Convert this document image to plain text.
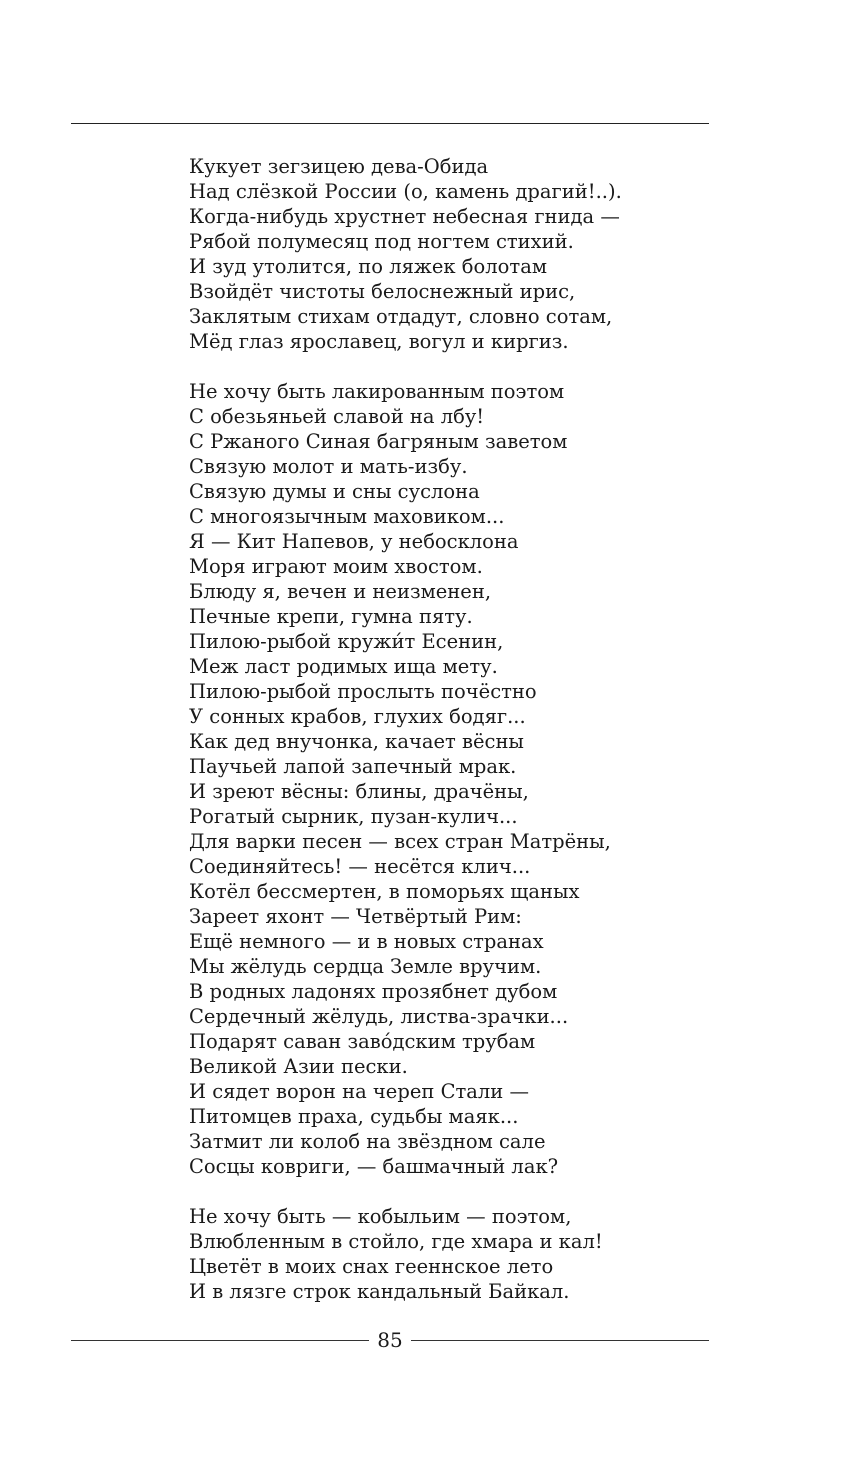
Кукует зегзицею дева-Обида
Над слёзкой России (о, камень драгий!..).
Когда-нибудь хрустнет небесная гнида —
Рябой полумесяц под ногтем стихий.
И зуд утолится, по ляжек болотам
Взойдёт чистоты белоснежный ирис,
Заклятым стихам отдадут, словно сотам,
Мёд глаз ярославец, вогул и киргиз.
Не хочу быть лакированным поэтом
С обезьяньей славой на лбу!
С Ржаного Синая багряным заветом
Связую молот и мать-избу.
Связую думы и сны суслона
С многоязычным маховиком...
Я — Кит Напевов, у небосклона
Моря играют моим хвостом.
Блюду я, вечен и неизменен,
Печные крепи, гумна пяту.
Пилою-рыбой кружи́т Есенин,
Меж ласт родимых ища мету.
Пилою-рыбой прослыть почёстно
У сонных крабов, глухих бодяг...
Как дед внучонка, качает вёсны
Паучьей лапой запечный мрак.
И зреют вёсны: блины, драчёны,
Рогатый сырник, пузан-кулич...
Для варки песен — всех стран Матрёны,
Соединяйтесь! — несётся клич...
Котёл бессмертен, в поморьях щаных
Зареет яхонт — Четвёртый Рим:
Ещё немного — и в новых странах
Мы жёлудь сердца Земле вручим.
В родных ладонях прозябнет дубом
Сердечный жёлудь, листва-зрачки...
Подарят саван заво́дским трубам
Великой Азии пески.
И сядет ворон на череп Стали —
Питомцев праха, судьбы маяк...
Затмит ли колоб на звёздном сале
Сосцы ковриги, — башмачный лак?
Не хочу быть — кобыльим — поэтом,
Влюбленным в стойло, где хмара и кал!
Цветёт в моих снах гееннское лето
И в лязге строк кандальный Байкал.
85
